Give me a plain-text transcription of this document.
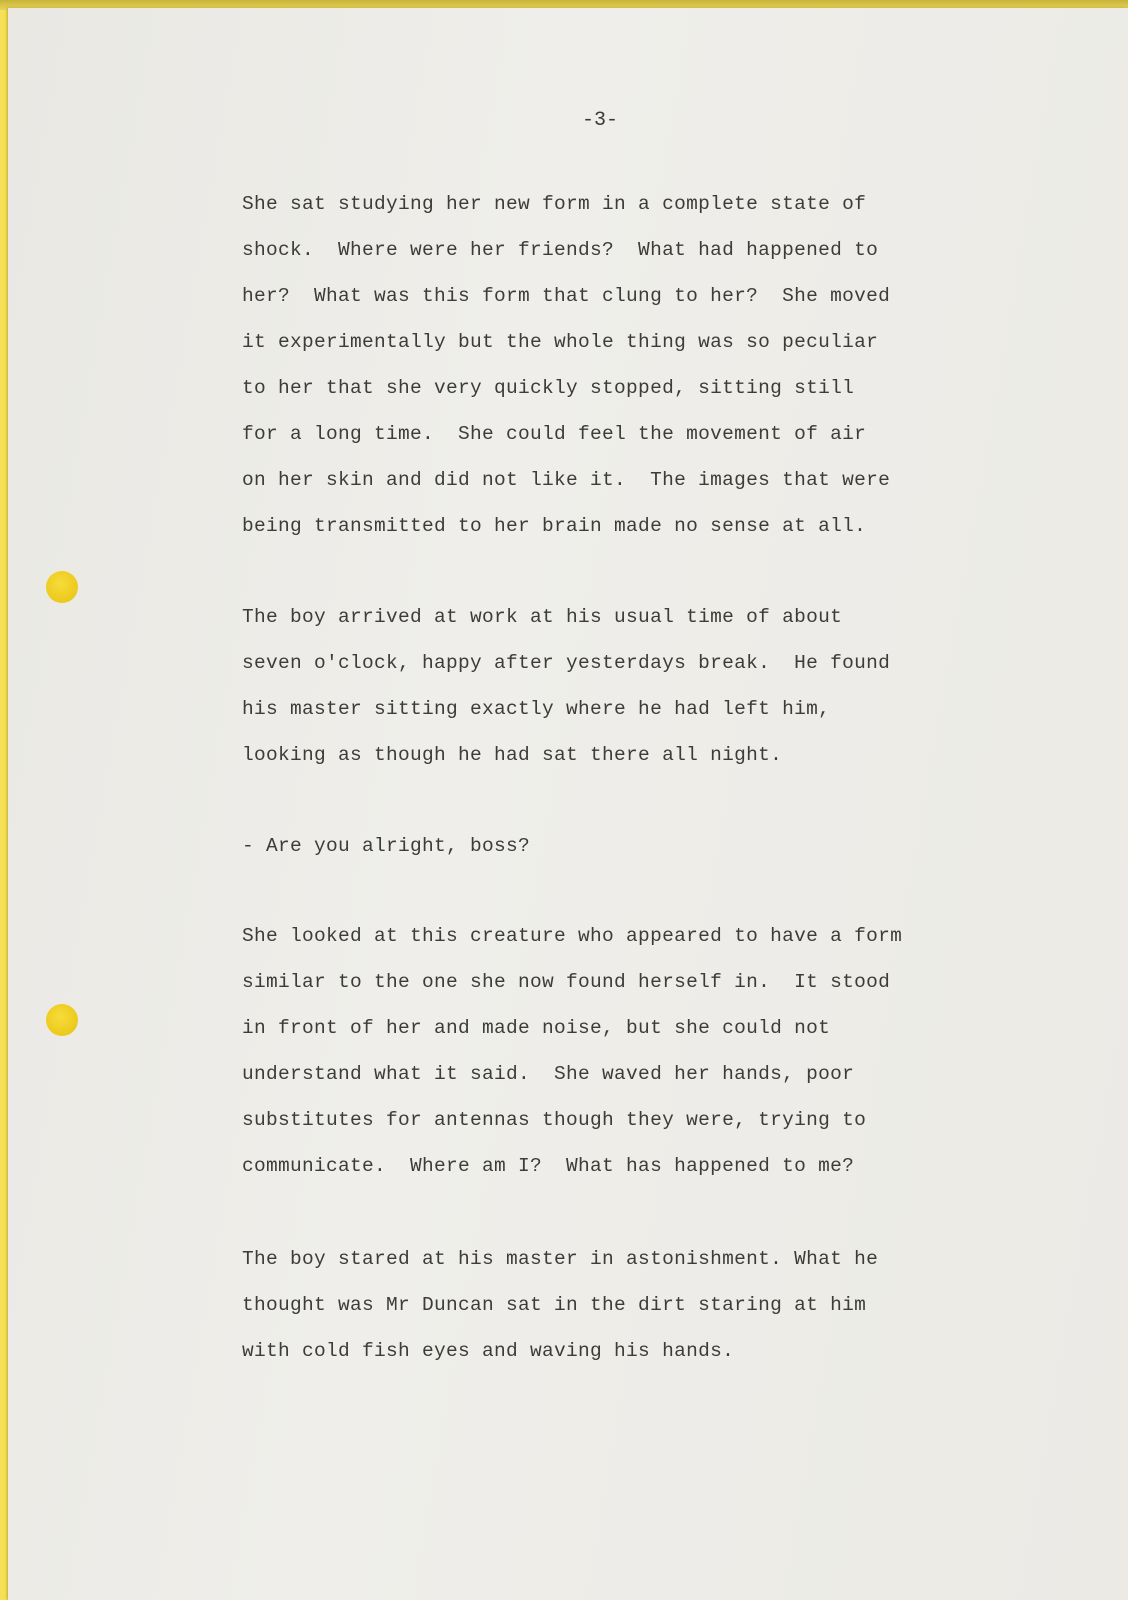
-3-
She sat studying her new form in a complete state of
shock.  Where were her friends?  What had happened to
her?  What was this form that clung to her?  She moved
it experimentally but the whole thing was so peculiar
to her that she very quickly stopped, sitting still
for a long time.  She could feel the movement of air
on her skin and did not like it.  The images that were
being transmitted to her brain made no sense at all.
The boy arrived at work at his usual time of about
seven o'clock, happy after yesterdays break.  He found
his master sitting exactly where he had left him,
looking as though he had sat there all night.
- Are you alright, boss?
She looked at this creature who appeared to have a form
similar to the one she now found herself in.  It stood
in front of her and made noise, but she could not
understand what it said.  She waved her hands, poor
substitutes for antennas though they were, trying to
communicate.  Where am I?  What has happened to me?
The boy stared at his master in astonishment. What he
thought was Mr Duncan sat in the dirt staring at him
with cold fish eyes and waving his hands.
